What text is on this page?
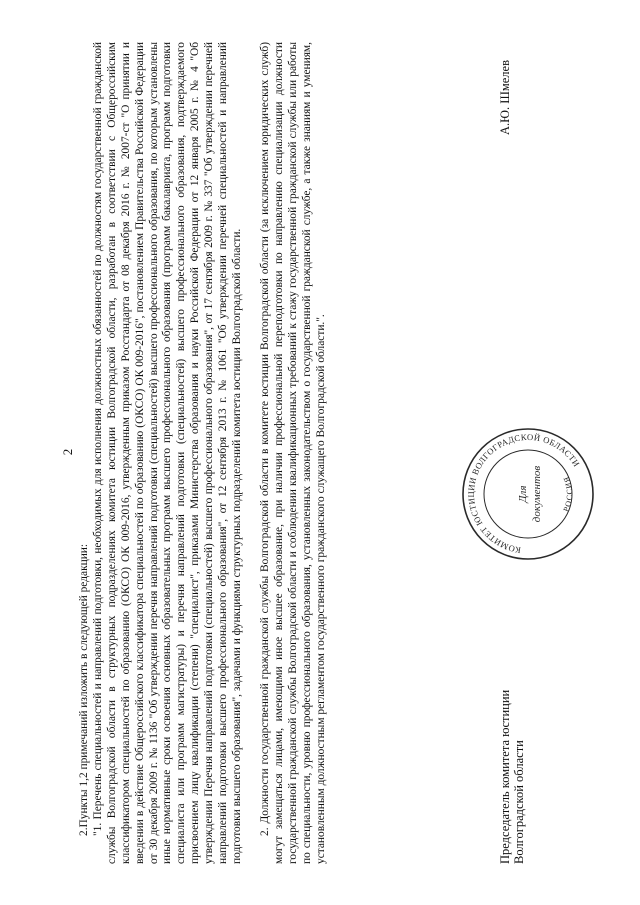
2

2.Пункты 1,2 примечаний изложить в следующей редакции: "1. Перечень специальностей и направлений подготовки, необходимых для исполнения должностных обязанностей по должностям государственной гражданской службы Волгоградской области в структурных подразделениях комитета юстиции Волгоградской области, разработан в соответствии с Общероссийским классификатором специальностей по образованию (ОКСО) ОК 009-2016, утвержденным приказом Росстандарта от 08 декабря 2016 г. № 2007-ст "О принятии и введении в действие Общероссийского классификатора специальностей по образованию (ОКСО) ОК 009-2016", постановлением Правительства Российской Федерации от 30 декабря 2009 г. № 1136 "Об утверждении перечня направлений подготовки (специальностей) высшего профессионального образования, по которым установлены иные нормативные сроки освоения основных образовательных программ высшего профессионального образования (программ бакалавриата, программ подготовки специалиста или программ магистратуры) и перечня направлений подготовки (специальностей) высшего профессионального образования, подтверждаемого присвоением лицу квалификации (степени) "специалист", приказами Министерства образования и науки Российской Федерации от 12 января 2005 г. № 4 "Об утверждении Перечня направлений подготовки (специальностей) высшего профессионального образования", от 17 сентября 2009 г. № 337 "Об утверждении перечней направлений подготовки высшего профессионального образования", от 12 сентября 2013 г. № 1061 "Об утверждении перечней специальностей и направлений подготовки высшего образования", задачами и функциями структурных подразделений комитета юстиции Волгоградской области. 2. Должности государственной гражданской службы Волгоградской области в комитете юстиции Волгоградской области (за исключением юридических служб) могут замещаться лицами, имеющими иное высшее образование, при наличии профессиональной переподготовки по направлению специализации должности государственной гражданской службы Волгоградской области и соблюдении квалификационных требований к стажу государственной гражданской службы или работы по специальности, уровню профессионального образования, установленных законодательством о государственной гражданской службе, а также знаниям и умениям, установленным должностным регламентом государственного гражданского служащего Волгоградской области.".	Председатель комитета юстиции Волгоградской области
А.Ю. Шмелев
КОМИТЕТ ЮСТИЦИИ ВОЛГОГРАДСКОЙ ОБЛАСТИ
РОССИЯ
Для документов
